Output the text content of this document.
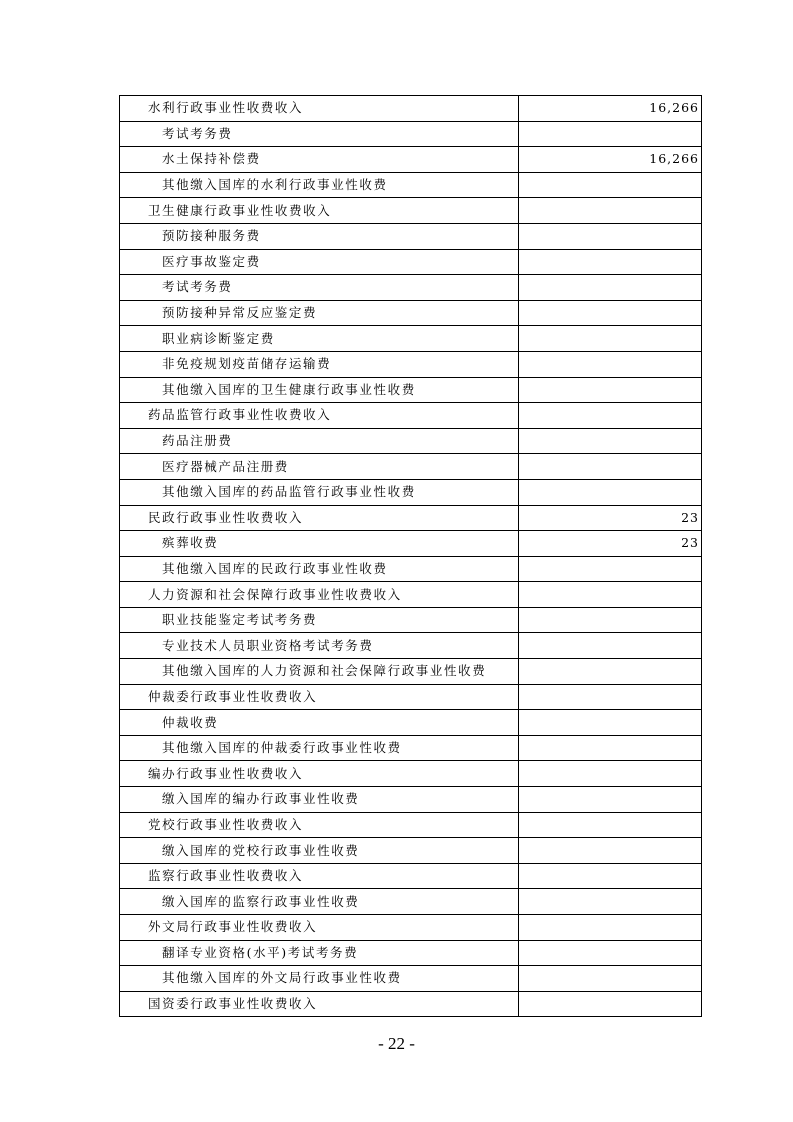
水利行政事业性收费收入	16,266
考试考务费	
水土保持补偿费	16,266
其他缴入国库的水利行政事业性收费	
卫生健康行政事业性收费收入	
预防接种服务费	
医疗事故鉴定费	
考试考务费	
预防接种异常反应鉴定费	
职业病诊断鉴定费	
非免疫规划疫苗储存运输费	
其他缴入国库的卫生健康行政事业性收费	
药品监管行政事业性收费收入	
药品注册费	
医疗器械产品注册费	
其他缴入国库的药品监管行政事业性收费	
民政行政事业性收费收入	23
殡葬收费	23
其他缴入国库的民政行政事业性收费	
人力资源和社会保障行政事业性收费收入	
职业技能鉴定考试考务费	
专业技术人员职业资格考试考务费	
其他缴入国库的人力资源和社会保障行政事业性收费	
仲裁委行政事业性收费收入	
仲裁收费	
其他缴入国库的仲裁委行政事业性收费	
编办行政事业性收费收入	
缴入国库的编办行政事业性收费	
党校行政事业性收费收入	
缴入国库的党校行政事业性收费	
监察行政事业性收费收入	
缴入国库的监察行政事业性收费	
外文局行政事业性收费收入	
翻译专业资格(水平)考试考务费	
其他缴入国库的外文局行政事业性收费	
国资委行政事业性收费收入	
- 22 -
